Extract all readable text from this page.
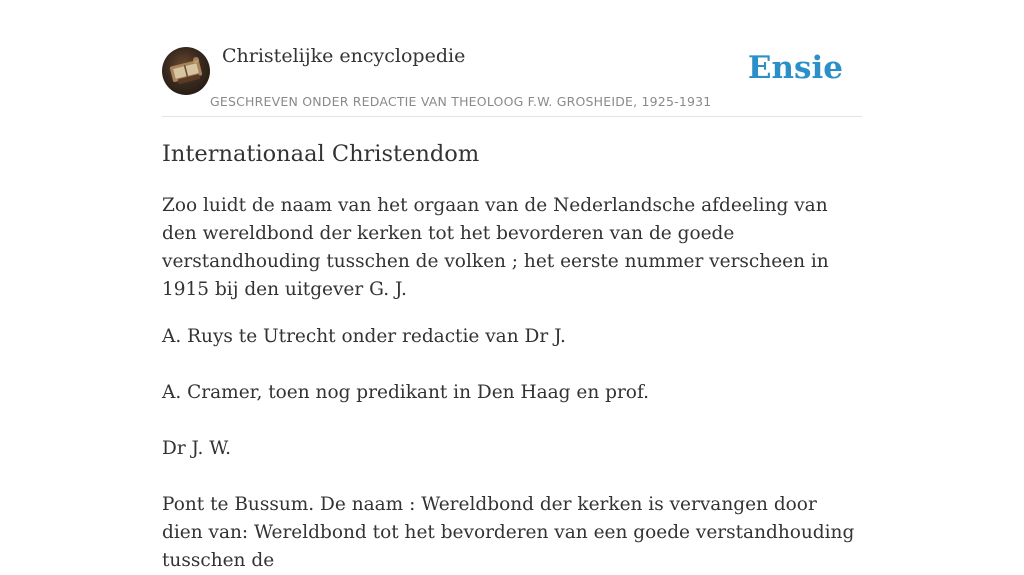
Christelijke encyclopedie
GESCHREVEN ONDER REDACTIE VAN THEOLOOG F.W. GROSHEIDE, 1925-1931
Ensie
Internationaal Christendom

Zoo luidt de naam van het orgaan van de Nederlandsche afdeeling van den wereldbond der kerken tot het bevorderen van de goede verstandhouding tusschen de volken ; het eerste nummer verscheen in 1915 bij den uitgever G. J.

A. Ruys te Utrecht onder redactie van Dr J.

A. Cramer, toen nog predikant in Den Haag en prof.

Dr J. W.

Pont te Bussum. De naam : Wereldbond der kerken is vervangen door dien van: Wereldbond tot het bevorderen van een goede verstandhouding tusschen de
